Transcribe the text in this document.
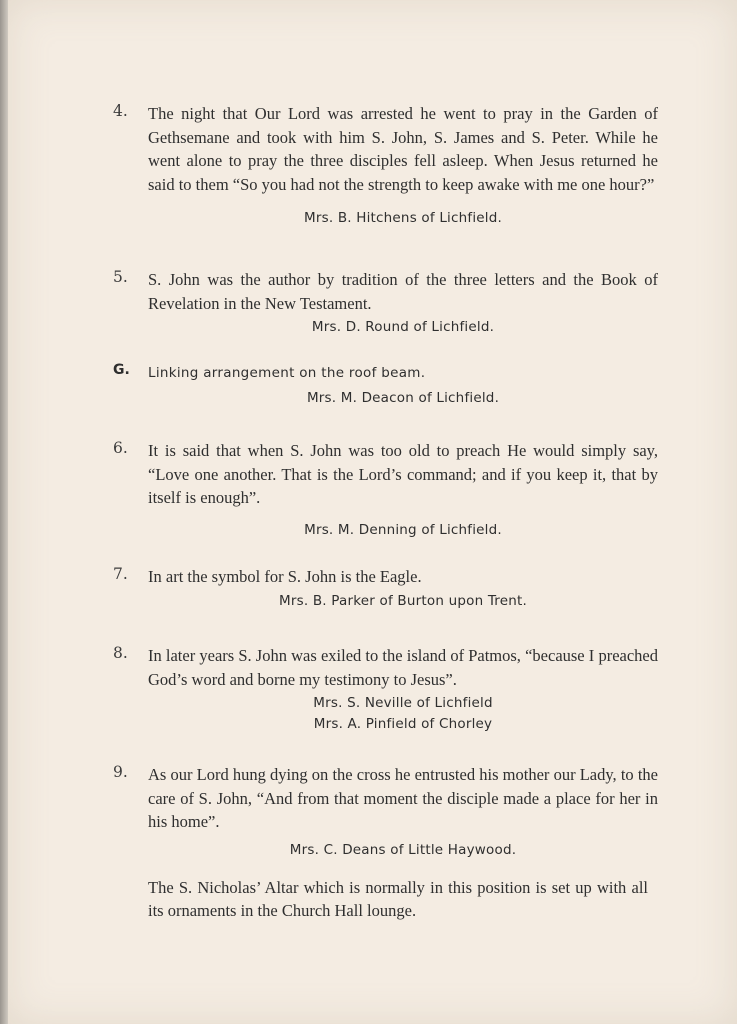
4.	The night that Our Lord was arrested he went to pray in the Garden of Gethsemane and took with him S. John, S. James and S. Peter. While he went alone to pray the three disciples fell asleep. When Jesus returned he said to them “So you had not the strength to keep awake with me one hour?”
Mrs. B. Hitchens of Lichfield.
5.	S. John was the author by tradition of the three letters and the Book of Revelation in the New Testament.
Mrs. D. Round of Lichfield.
G.	Linking arrangement on the roof beam.
Mrs. M. Deacon of Lichfield.
6.	It is said that when S. John was too old to preach He would simply say, “Love one another. That is the Lord’s command; and if you keep it, that by itself is enough”.
Mrs. M. Denning of Lichfield.
7.	In art the symbol for S. John is the Eagle.
Mrs. B. Parker of Burton upon Trent.
8.	In later years S. John was exiled to the island of Patmos, “because I preached God’s word and borne my testimony to Jesus”.
Mrs. S. Neville of Lichfield
Mrs. A. Pinfield of Chorley
9.	As our Lord hung dying on the cross he entrusted his mother our Lady, to the care of S. John, “And from that moment the disciple made a place for her in his home”.
Mrs. C. Deans of Little Haywood.
The S. Nicholas’ Altar which is normally in this position is set up with all its ornaments in the Church Hall lounge.
